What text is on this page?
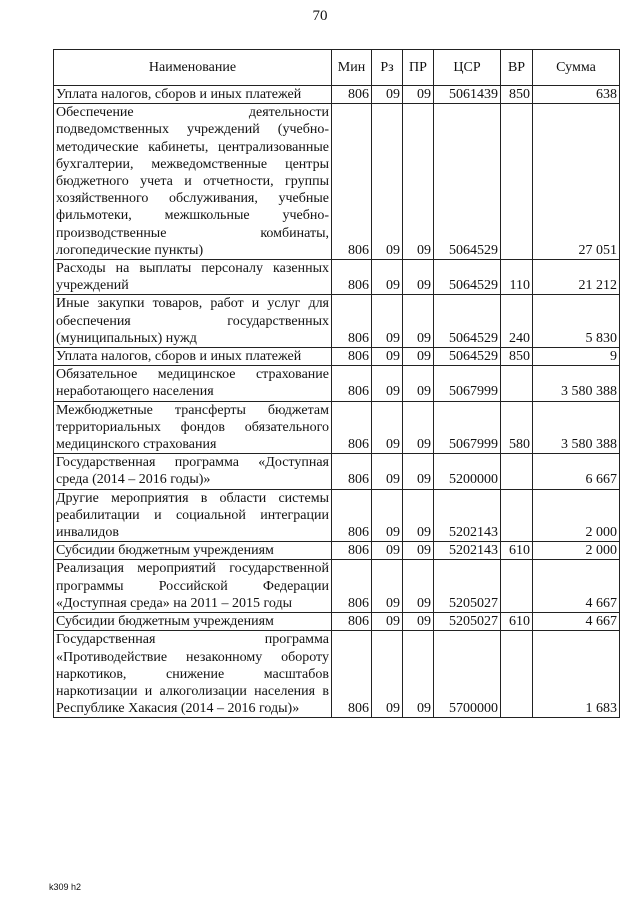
70
Наименование	Мин	Рз	ПР	ЦСР	ВР	Сумма
Уплата налогов, сборов и иных платежей	806	09	09	5061439	850	638
Обеспечение деятельности подведомственных учреждений (учебно-методические кабинеты, централизованные бухгалтерии, межведомственные центры бюджетного учета и отчетности, группы хозяйственного обслуживания, учебные фильмотеки, межшкольные учебно-производственные комбинаты, логопедические пункты)	806	09	09	5064529		27 051
Расходы на выплаты персоналу казенных учреждений	806	09	09	5064529	110	21 212
Иные закупки товаров, работ и услуг для обеспечения государственных (муниципальных) нужд	806	09	09	5064529	240	5 830
Уплата налогов, сборов и иных платежей	806	09	09	5064529	850	9
Обязательное медицинское страхование неработающего населения	806	09	09	5067999		3 580 388
Межбюджетные трансферты бюджетам территориальных фондов обязательного медицинского страхования	806	09	09	5067999	580	3 580 388
Государственная программа «Доступная среда (2014 – 2016 годы)»	806	09	09	5200000		6 667
Другие мероприятия в области системы реабилитации и социальной интеграции инвалидов	806	09	09	5202143		2 000
Субсидии бюджетным учреждениям	806	09	09	5202143	610	2 000
Реализация мероприятий государственной программы Российской Федерации «Доступная среда» на 2011 – 2015 годы	806	09	09	5205027		4 667
Субсидии бюджетным учреждениям	806	09	09	5205027	610	4 667
Государственная программа «Противодействие незаконному обороту наркотиков, снижение масштабов наркотизации и алкоголизации населения в Республике Хакасия (2014 – 2016 годы)»	806	09	09	5700000		1 683
k309 h2
